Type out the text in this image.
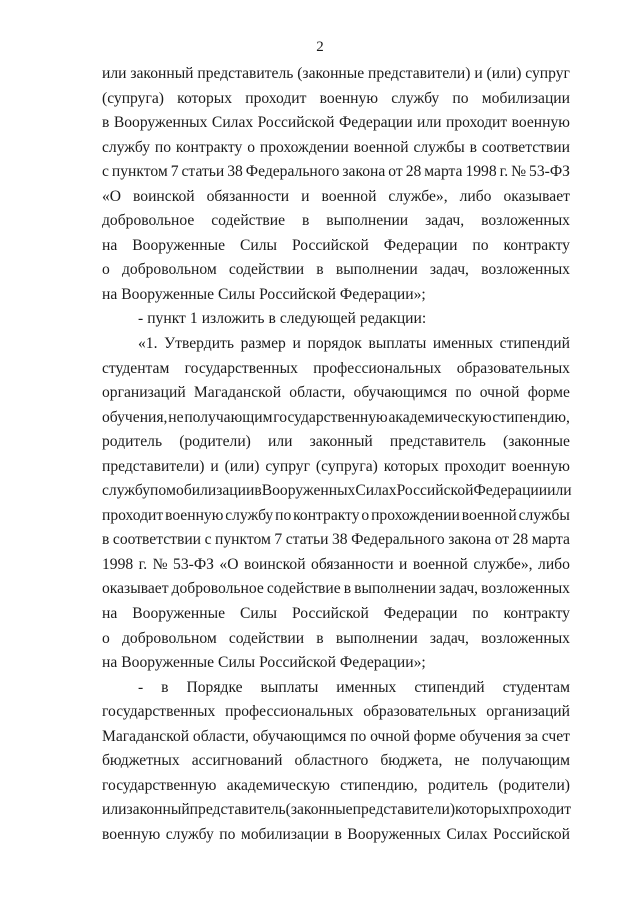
2
или законный представитель (законные представители) и (или) супруг
(супруга) которых проходит военную службу по мобилизации
в Вооруженных Силах Российской Федерации или проходит военную
службу по контракту о прохождении военной службы в соответствии
с пунктом 7 статьи 38 Федерального закона от 28 марта 1998 г. № 53-ФЗ
«О воинской обязанности и военной службе», либо оказывает
добровольное содействие в выполнении задач, возложенных
на Вооруженные Силы Российской Федерации по контракту
о добровольном содействии в выполнении задач, возложенных
на Вооруженные Силы Российской Федерации»;
- пункт 1 изложить в следующей редакции:
«1. Утвердить размер и порядок выплаты именных стипендий
студентам государственных профессиональных образовательных
организаций Магаданской области, обучающимся по очной форме
обучения, не получающим государственную академическую стипендию,
родитель (родители) или законный представитель (законные
представители) и (или) супруг (супруга) которых проходит военную
службу по мобилизации в Вооруженных Силах Российской Федерации или
проходит военную службу по контракту о прохождении военной службы
в соответствии с пунктом 7 статьи 38 Федерального закона от 28 марта
1998 г. № 53-ФЗ «О воинской обязанности и военной службе», либо
оказывает добровольное содействие в выполнении задач, возложенных
на Вооруженные Силы Российской Федерации по контракту
о добровольном содействии в выполнении задач, возложенных
на Вооруженные Силы Российской Федерации»;
- в Порядке выплаты именных стипендий студентам
государственных профессиональных образовательных организаций
Магаданской области, обучающимся по очной форме обучения за счет
бюджетных ассигнований областного бюджета, не получающим
государственную академическую стипендию, родитель (родители)
или законный представитель (законные представители) которых проходит
военную службу по мобилизации в Вооруженных Силах Российской
